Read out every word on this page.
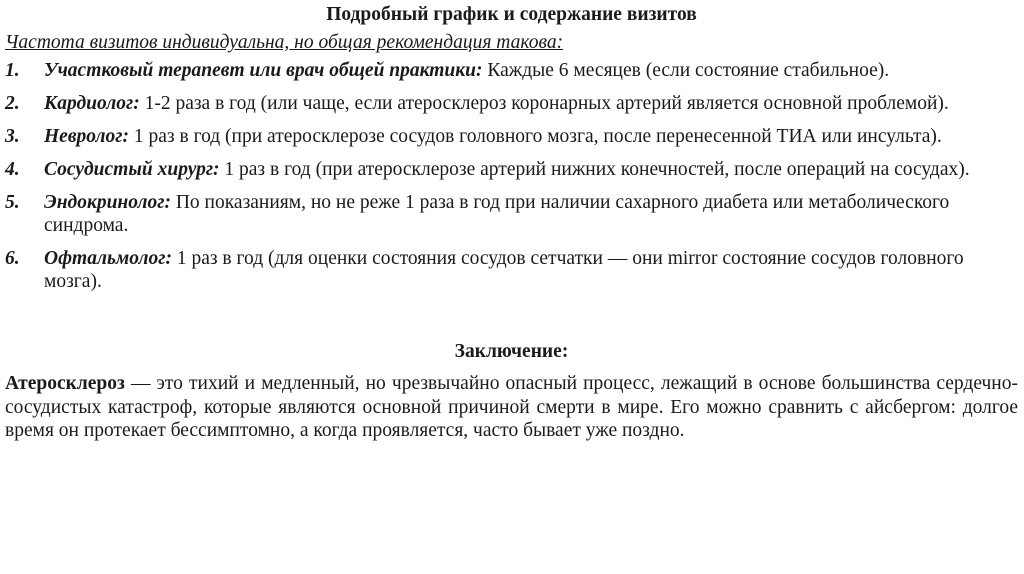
Подробный график и содержание визитов
Частота визитов индивидуальна, но общая рекомендация такова:
1.	Участковый терапевт или врач общей практики: Каждые 6 месяцев (если состояние стабильное).
2.	Кардиолог: 1-2 раза в год (или чаще, если атеросклероз коронарных артерий является основной проблемой).
3.	Невролог: 1 раз в год (при атеросклерозе сосудов головного мозга, после перенесенной ТИА или инсульта).
4.	Сосудистый хирург: 1 раз в год (при атеросклерозе артерий нижних конечностей, после операций на сосудах).
5.	Эндокринолог: По показаниям, но не реже 1 раза в год при наличии сахарного диабета или метаболического синдрома.
6.	Офтальмолог: 1 раз в год (для оценки состояния сосудов сетчатки — они mirror состояние сосудов головного мозга).
Заключение:

Атеросклероз — это тихий и медленный, но чрезвычайно опасный процесс, лежащий в основе большинства сердечно-сосудистых катастроф, которые являются основной причиной смерти в мире. Его можно сравнить с айсбергом: долгое время он протекает бессимптомно, а когда проявляется, часто бывает уже поздно.
